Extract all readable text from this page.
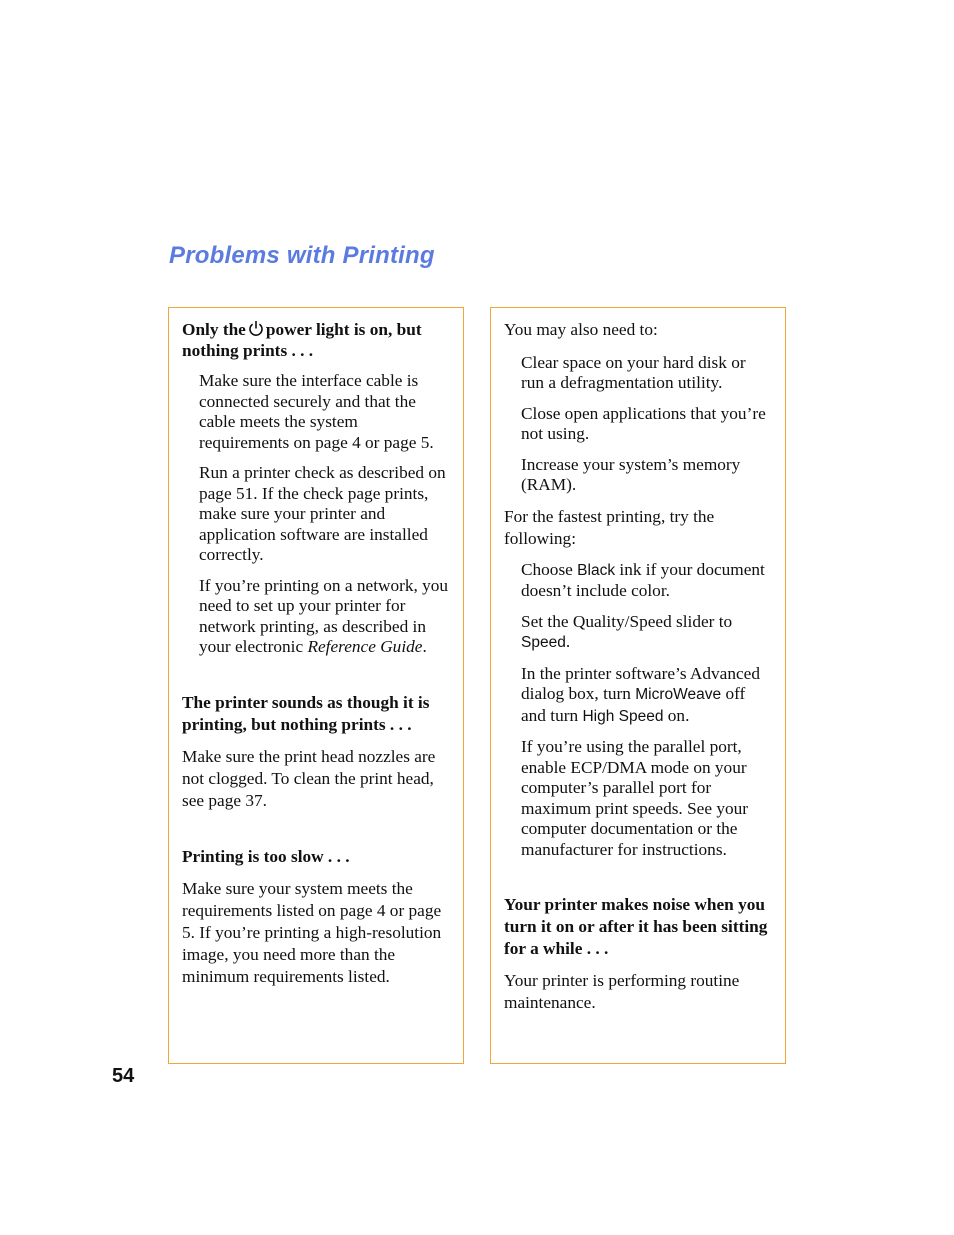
Problems with Printing

Only the power light is on, but nothing prints . . .

Make sure the interface cable is connected securely and that the cable meets the system requirements on page 4 or page 5.

Run a printer check as described on page 51. If the check page prints, make sure your printer and application software are installed correctly.

If you’re printing on a network, you need to set up your printer for network printing, as described in your electronic Reference Guide.

The printer sounds as though it is printing, but nothing prints . . .

Make sure the print head nozzles are not clogged. To clean the print head, see page 37.

Printing is too slow . . .

Make sure your system meets the requirements listed on page 4 or page 5. If you’re printing a high-resolution image, you need more than the minimum requirements listed.

You may also need to:

Clear space on your hard disk or run a defragmentation utility.

Close open applications that you’re not using.

Increase your system’s memory (RAM).

For the fastest printing, try the following:

Choose Black ink if your document doesn’t include color.

Set the Quality/Speed slider to Speed.

In the printer software’s Advanced dialog box, turn MicroWeave off and turn High Speed on.

If you’re using the parallel port, enable ECP/DMA mode on your computer’s parallel port for maximum print speeds. See your computer documentation or the manufacturer for instructions.

Your printer makes noise when you turn it on or after it has been sitting for a while . . .

Your printer is performing routine maintenance.

54
